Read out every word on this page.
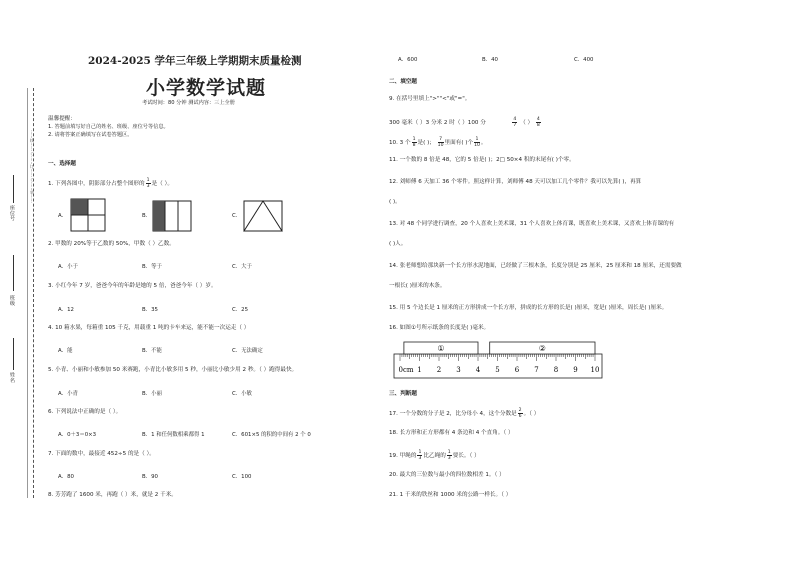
座位号
班级
姓名
……线……○……订……○……装……
2024-2025 学年三年级上学期期末质量检测
小学数学试题
考试时间：80 分钟 测试内容：三上全册
温馨提醒：
1. 答题前填写好自己的姓名、班级、座位号等信息。
2. 请将答案正确填写在试卷答题区。
一、选择题
1. 下列各图中，阴影部分占整个图形的 $\frac{1}{3}$ 是（ ）。
A．	B．	C．
2. 甲数的 20%等于乙数的 50%，甲数（ ）乙数。
A．小于	B．等于	C．大于
3. 小红今年 7 岁，爸爸今年的年龄是她的 5 倍，爸爸今年（ ）岁。
A．12	B．35	C．25
4. 10 箱水果，每箱重 105 千克，用载重 1 吨的卡车来运，能不能一次运走（ ）
A．能	B．不能	C．无法确定
5. 小青、小丽和小敏参加 50 米赛跑，小青比小敏多用 5 秒，小丽比小敏少用 2 秒。（ ）跑得最快。
A．小青	B．小丽	C．小敏
6. 下列说法中正确的是（ ）。
A．0＋3＝0×3	B．1 和任何数相乘都得 1	C．601×5 的积的中间有 2 个 0
7. 下面的数中，最接近 452÷5 的是（ ）。
A．80	B．90	C．100
8. 芳芳跑了 1600 米，再跑（ ）米，就是 2 千米。
A．600	B．40	C．400
二、填空题
9. 在括号里填上">""<"或"="。
300 毫米（ ）3 分米 2 时（ ）100 分	$\frac{4}{7}$ （ ） $\frac{4}{8}$
10. 3 个 $\frac{1}{8}$ 是( )； $\frac{7}{10}$ 里面有( )个 $\frac{1}{10}$ 。
11. 一个数的 8 倍是 48，它的 5 倍是( )；2□ 50×4 积的末尾有( )个零。
12. 刘师傅 6 天加工 36 个零件。照这样计算，刘师傅 48 天可以加工几个零件？我可以先算( )，再算
( )。
13. 对 48 个同学进行调查，20 个人喜欢上美术课，31 个人喜欢上体育课，既喜欢上美术课，又喜欢上体育课的有
( )人。
14. 张老师想给那块新一个长方形水泥地面，已经做了三根木条，长度分别是 25 厘米，25 厘米和 18 厘米，还需要做
一根长( )厘米的木条。
15. 用 5 个边长是 1 厘米的正方形拼成一个长方形，拼成的长方形的长是( )厘米，宽是( )厘米，周长是( )厘米。
16. 如图①号所示纸条的长度是( )毫米。
①	②
0cm 1 2 3 4 5 6 7 8 9 10
三、判断题
17. 一个分数的分子是 2，比分母小 4，这个分数是 $\frac{2}{6}$ 。（ ）
18. 长方形和正方形都有 4 条边和 4 个直角。（ ）
19. 甲绳的 $\frac{1}{3}$ 比乙绳的 $\frac{1}{3}$ 要长。（ ）
20. 最大的三位数与最小的四位数相差 1。（ ）
21. 1 千米的铁丝和 1000 米的公路一样长。（ ）
